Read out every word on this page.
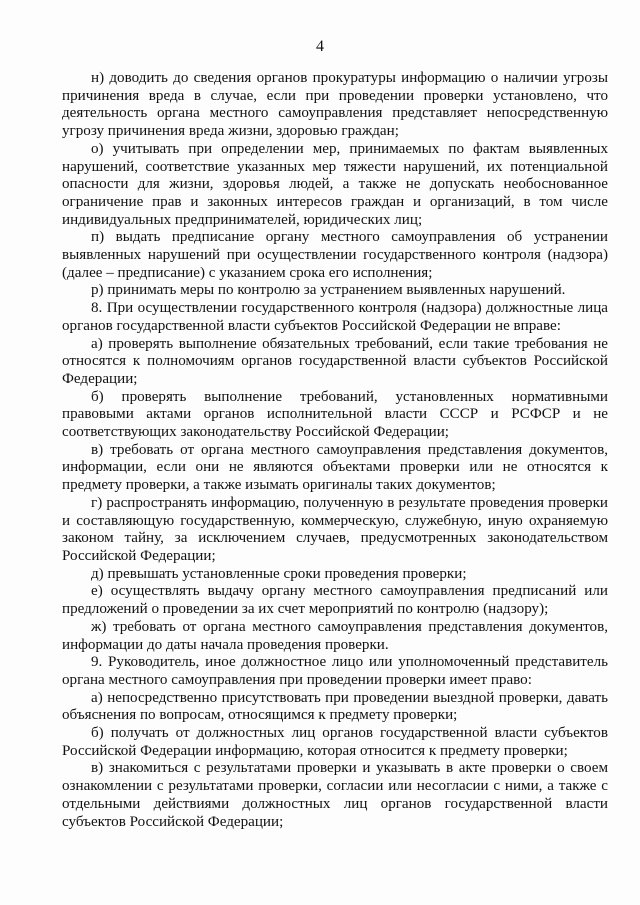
4

н) доводить до сведения органов прокуратуры информацию о наличии угрозы причинения вреда в случае, если при проведении проверки установлено, что деятельность органа местного самоуправления представляет непосредственную угрозу причинения вреда жизни, здоровью граждан;

о) учитывать при определении мер, принимаемых по фактам выявленных нарушений, соответствие указанных мер тяжести нарушений, их потенциальной опасности для жизни, здоровья людей, а также не допускать необоснованное ограничение прав и законных интересов граждан и организаций, в том числе индивидуальных предпринимателей, юридических лиц;

п) выдать предписание органу местного самоуправления об устранении выявленных нарушений при осуществлении государственного контроля (надзора) (далее – предписание) с указанием срока его исполнения;

р) принимать меры по контролю за устранением выявленных нарушений.

8. При осуществлении государственного контроля (надзора) должностные лица органов государственной власти субъектов Российской Федерации не вправе:

а) проверять выполнение обязательных требований, если такие требования не относятся к полномочиям органов государственной власти субъектов Российской Федерации;

б) проверять выполнение требований, установленных нормативными правовыми актами органов исполнительной власти СССР и РСФСР и не соответствующих законодательству Российской Федерации;

в) требовать от органа местного самоуправления представления документов, информации, если они не являются объектами проверки или не относятся к предмету проверки, а также изымать оригиналы таких документов;

г) распространять информацию, полученную в результате проведения проверки и составляющую государственную, коммерческую, служебную, иную охраняемую законом тайну, за исключением случаев, предусмотренных законодательством Российской Федерации;

д) превышать установленные сроки проведения проверки;

е) осуществлять выдачу органу местного самоуправления предписаний или предложений о проведении за их счет мероприятий по контролю (надзору);

ж) требовать от органа местного самоуправления представления документов, информации до даты начала проведения проверки.

9. Руководитель, иное должностное лицо или уполномоченный представитель органа местного самоуправления при проведении проверки имеет право:

а) непосредственно присутствовать при проведении выездной проверки, давать объяснения по вопросам, относящимся к предмету проверки;

б) получать от должностных лиц органов государственной власти субъектов Российской Федерации информацию, которая относится к предмету проверки;

в) знакомиться с результатами проверки и указывать в акте проверки о своем ознакомлении с результатами проверки, согласии или несогласии с ними, а также с отдельными действиями должностных лиц органов государственной власти субъектов Российской Федерации;
